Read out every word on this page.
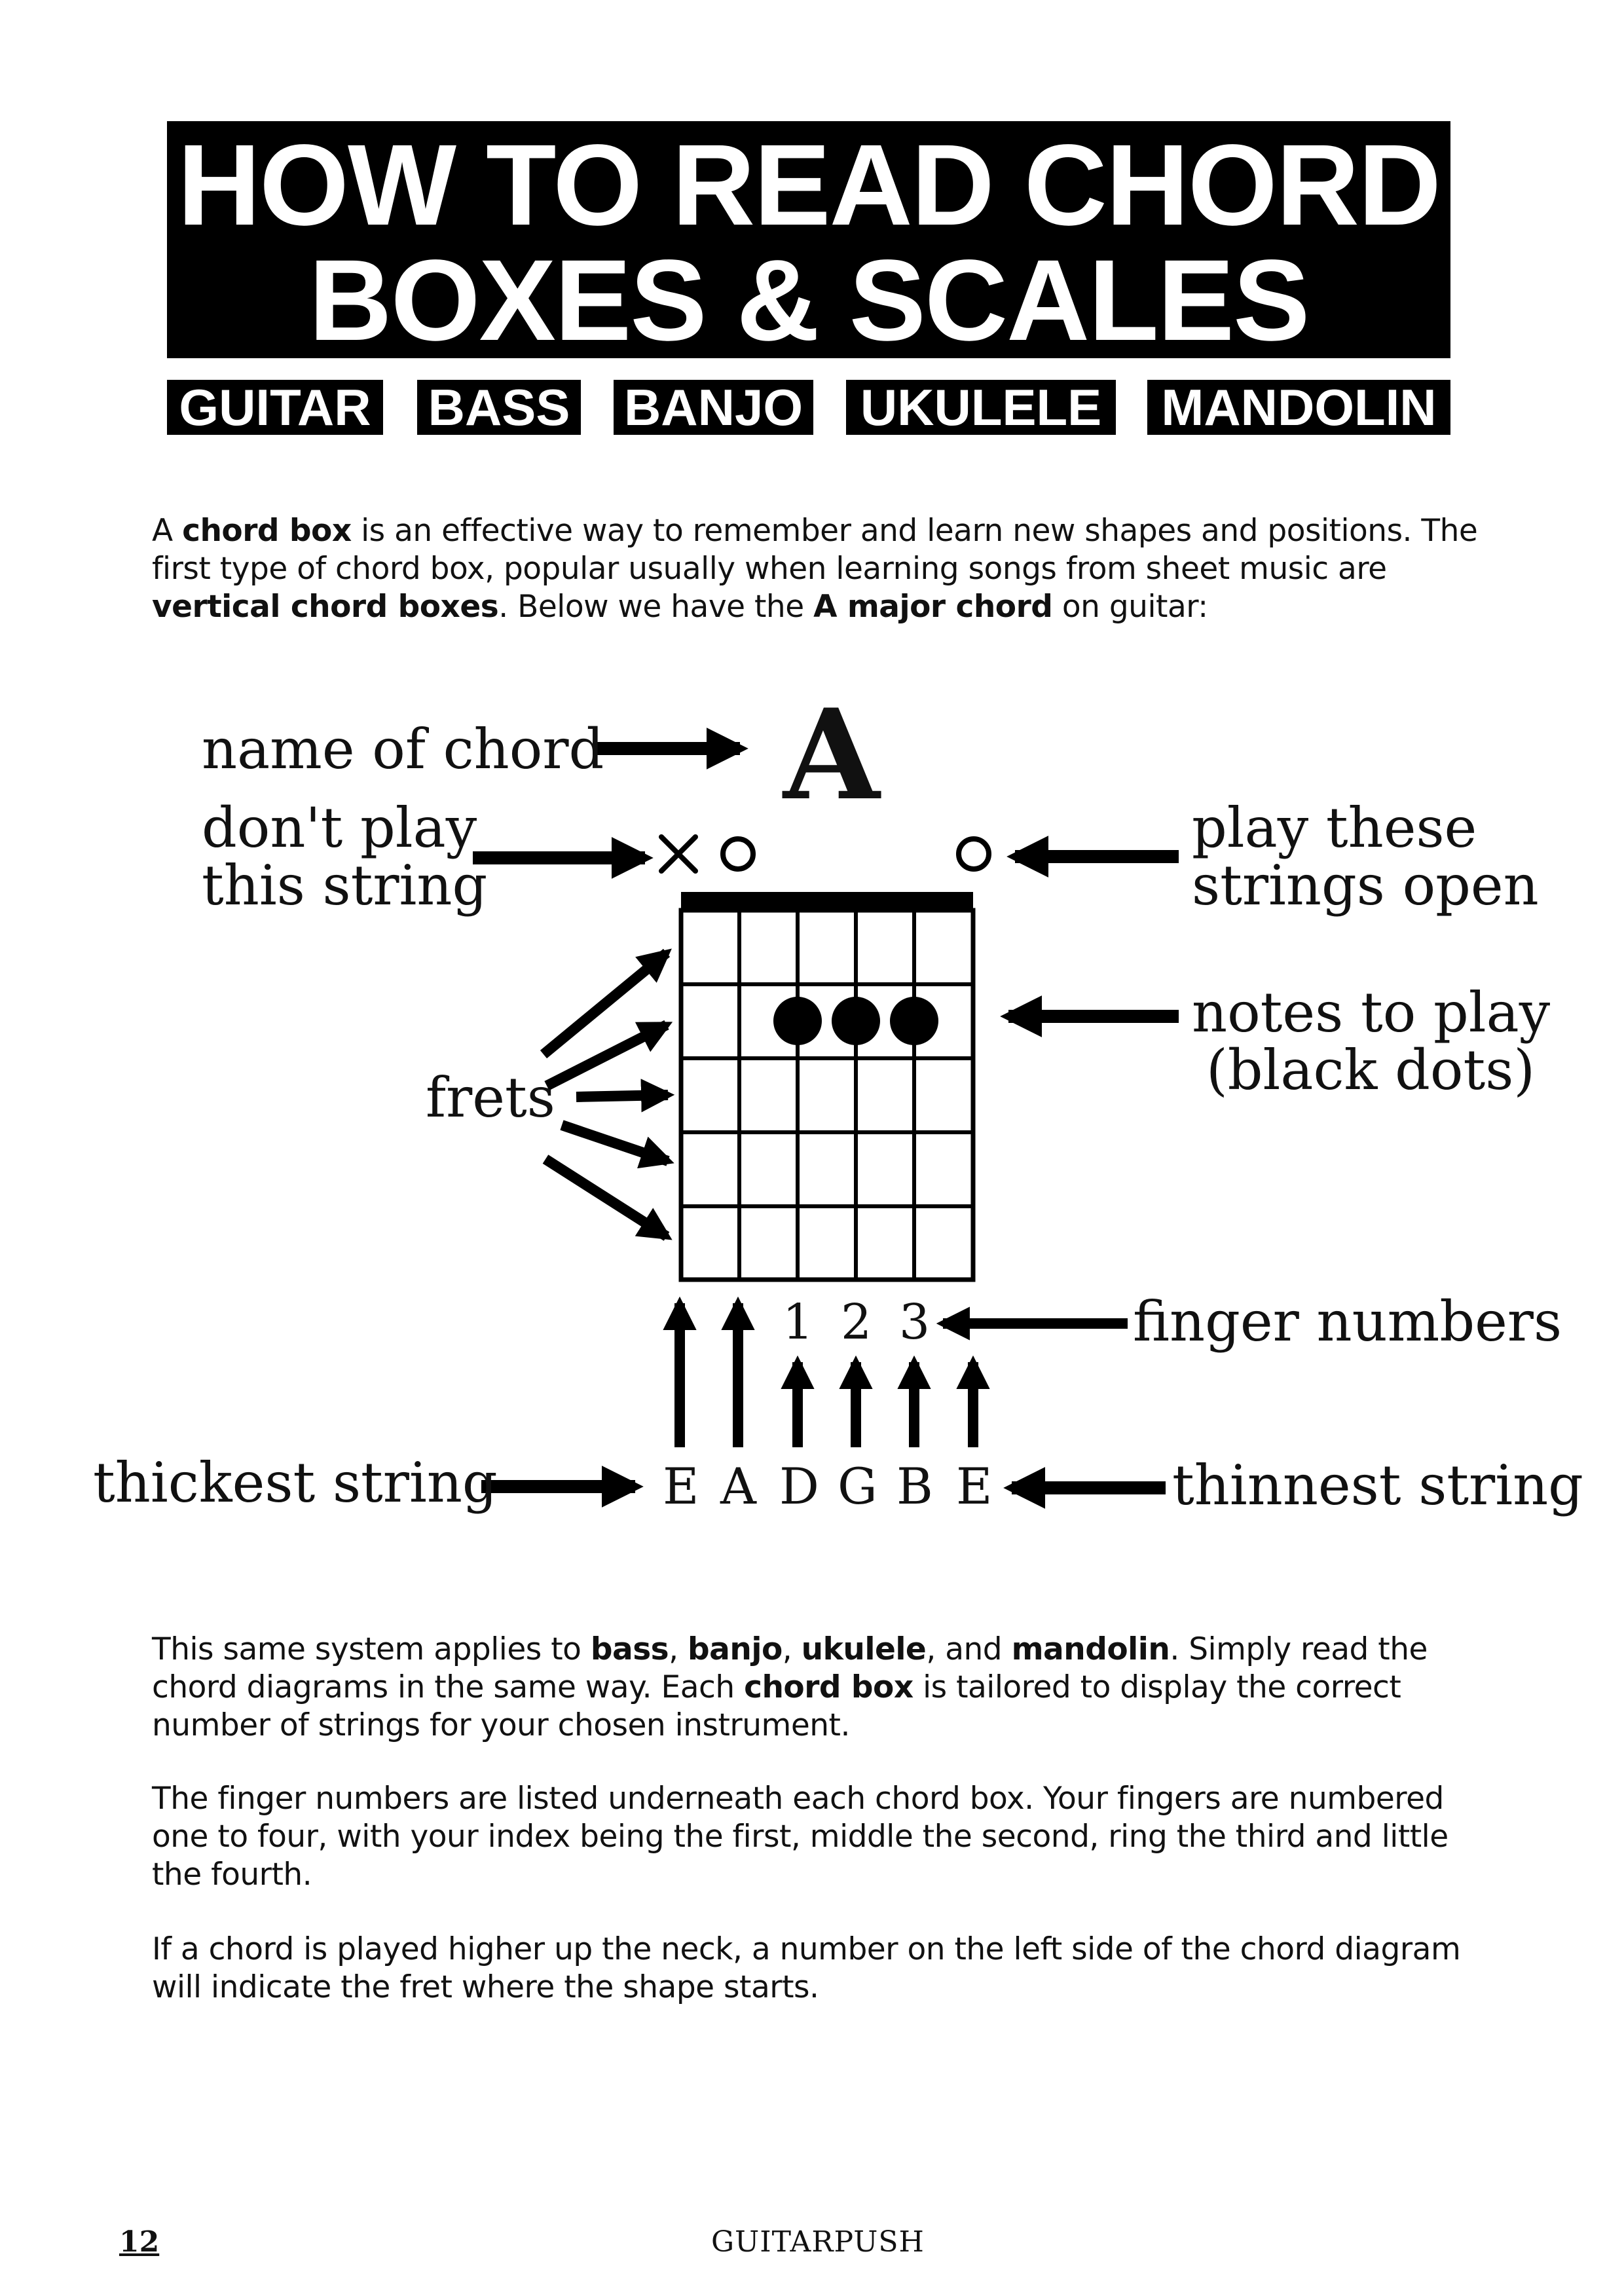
HOW TO READ CHORD
BOXES & SCALES
GUITAR BASS BANJO UKULELE MANDOLIN
A chord box is an effective way to remember and learn new shapes and positions. The first type of chord box, popular usually when learning songs from sheet music are vertical chord boxes. Below we have the A major chord on guitar:
A
name of chord
don't play
this string
play these
strings open
frets
notes to play
(black dots)
finger numbers
thickest string	thinnest string
1 2 3
E A D G B E
This same system applies to bass, banjo, ukulele, and mandolin. Simply read the chord diagrams in the same way. Each chord box is tailored to display the correct number of strings for your chosen instrument.
The finger numbers are listed underneath each chord box. Your fingers are numbered one to four, with your index being the first, middle the second, ring the third and little the fourth.
If a chord is played higher up the neck, a number on the left side of the chord diagram will indicate the fret where the shape starts.
12	GUITARPUSH
